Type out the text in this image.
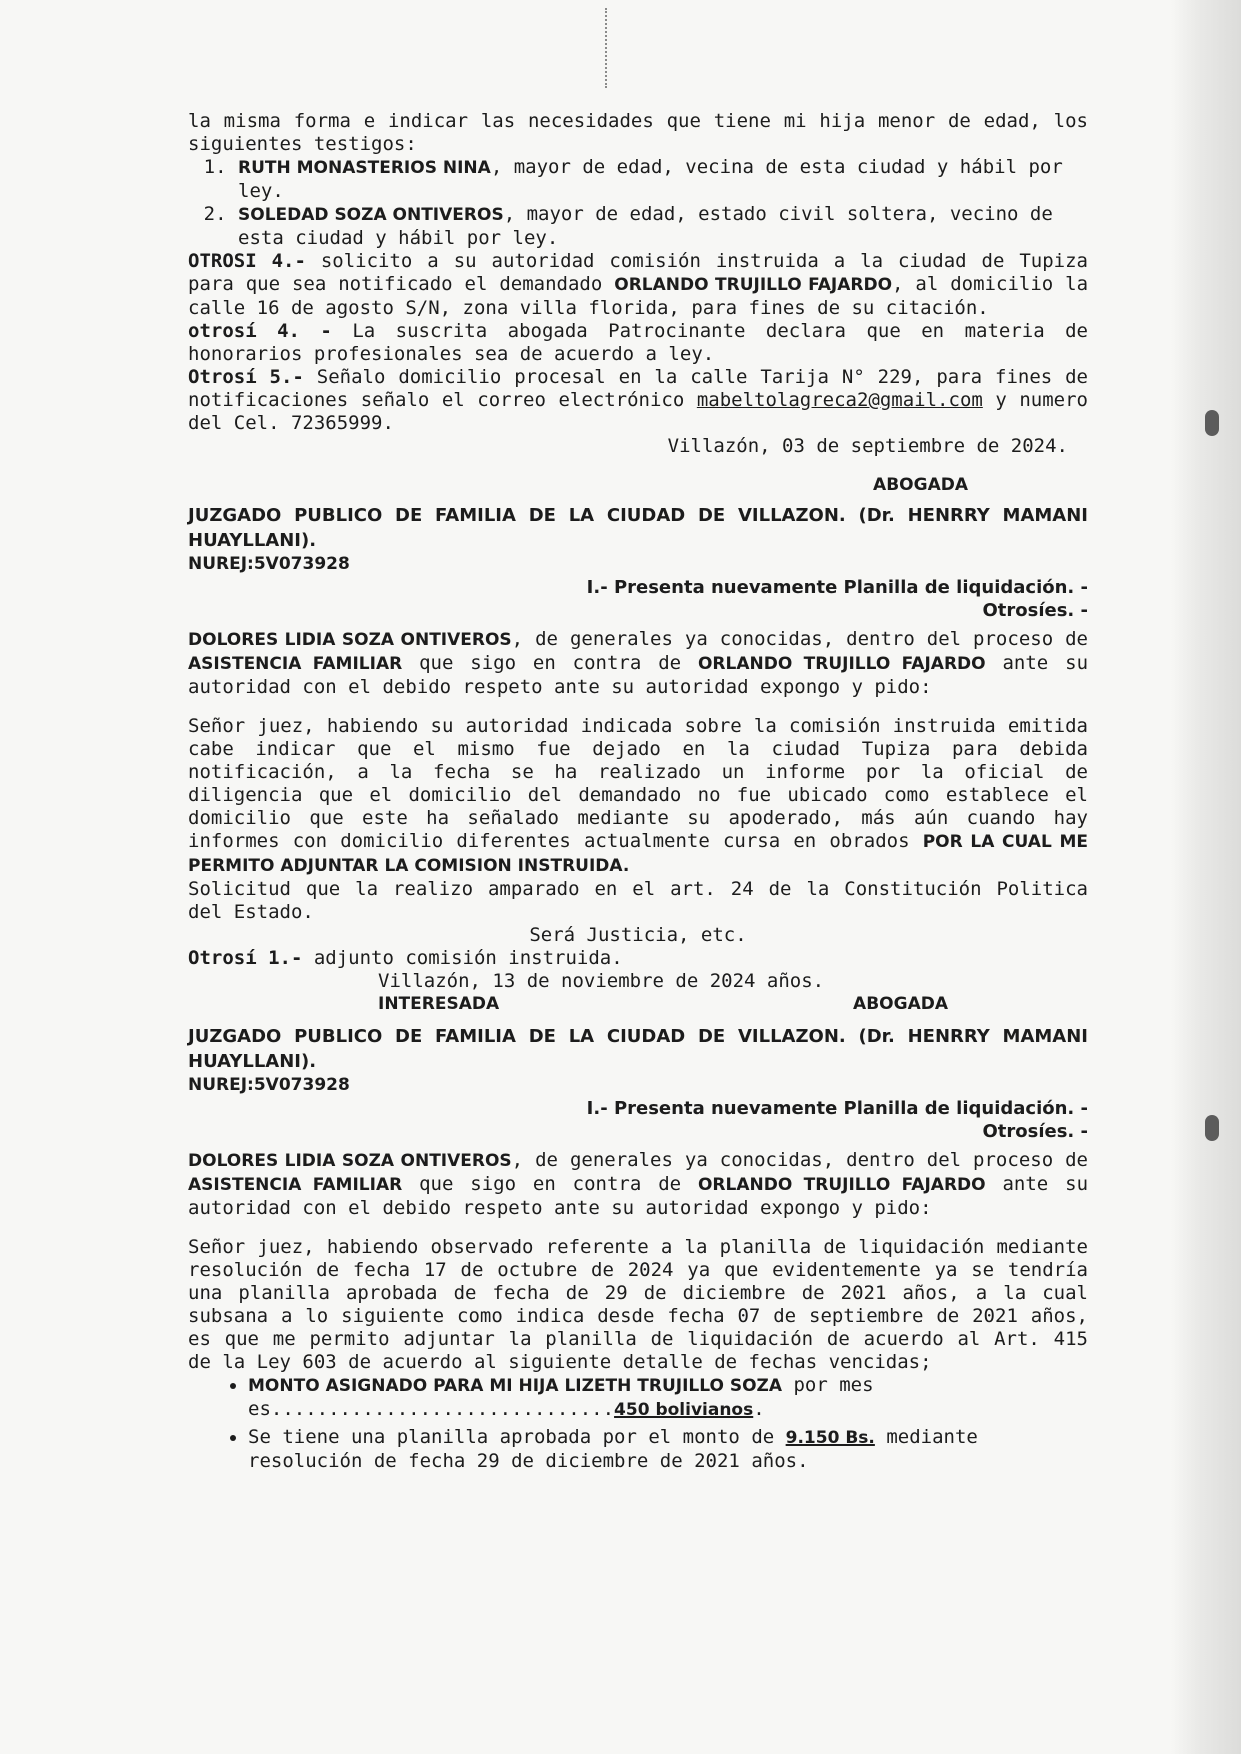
la misma forma e indicar las necesidades que tiene mi hija menor de edad, los siguientes testigos:

1. RUTH MONASTERIOS NINA, mayor de edad, vecina de esta ciudad y hábil por ley.
2. SOLEDAD SOZA ONTIVEROS, mayor de edad, estado civil soltera, vecino de esta ciudad y hábil por ley.

OTROSI 4.- solicito a su autoridad comisión instruida a la ciudad de Tupiza para que sea notificado el demandado ORLANDO TRUJILLO FAJARDO, al domicilio la calle 16 de agosto S/N, zona villa florida, para fines de su citación.

otrosí 4. - La suscrita abogada Patrocinante declara que en materia de honorarios profesionales sea de acuerdo a ley.

Otrosí 5.- Señalo domicilio procesal en la calle Tarija N° 229, para fines de notificaciones señalo el correo electrónico mabeltolagreca2@gmail.com y numero del Cel. 72365999.

Villazón, 03 de septiembre de 2024.

ABOGADA

JUZGADO PUBLICO DE FAMILIA DE LA CIUDAD DE VILLAZON. (Dr. HENRRY MAMANI HUAYLLANI).

NUREJ:5V073928

I.- Presenta nuevamente Planilla de liquidación. -

Otrosíes. -

DOLORES LIDIA SOZA ONTIVEROS, de generales ya conocidas, dentro del proceso de ASISTENCIA FAMILIAR que sigo en contra de ORLANDO TRUJILLO FAJARDO ante su autoridad con el debido respeto ante su autoridad expongo y pido:

Señor juez, habiendo su autoridad indicada sobre la comisión instruida emitida cabe indicar que el mismo fue dejado en la ciudad Tupiza para debida notificación, a la fecha se ha realizado un informe por la oficial de diligencia que el domicilio del demandado no fue ubicado como establece el domicilio que este ha señalado mediante su apoderado, más aún cuando hay informes con domicilio diferentes actualmente cursa en obrados POR LA CUAL ME PERMITO ADJUNTAR LA COMISION INSTRUIDA.

Solicitud que la realizo amparado en el art. 24 de la Constitución Politica del Estado.

Será Justicia, etc.

Otrosí 1.- adjunto comisión instruida.

Villazón, 13 de noviembre de 2024 años.

INTERESADA	ABOGADA

JUZGADO PUBLICO DE FAMILIA DE LA CIUDAD DE VILLAZON. (Dr. HENRRY MAMANI HUAYLLANI).

NUREJ:5V073928

I.- Presenta nuevamente Planilla de liquidación. -

Otrosíes. -

DOLORES LIDIA SOZA ONTIVEROS, de generales ya conocidas, dentro del proceso de ASISTENCIA FAMILIAR que sigo en contra de ORLANDO TRUJILLO FAJARDO ante su autoridad con el debido respeto ante su autoridad expongo y pido:

Señor juez, habiendo observado referente a la planilla de liquidación mediante resolución de fecha 17 de octubre de 2024 ya que evidentemente ya se tendría una planilla aprobada de fecha de 29 de diciembre de 2021 años, a la cual subsana a lo siguiente como indica desde fecha 07 de septiembre de 2021 años, es que me permito adjuntar la planilla de liquidación de acuerdo al Art. 415 de la Ley 603 de acuerdo al siguiente detalle de fechas vencidas;

• MONTO ASIGNADO PARA MI HIJA LIZETH TRUJILLO SOZA por mes es..............................450 bolivianos.
• Se tiene una planilla aprobada por el monto de 9.150 Bs. mediante resolución de fecha 29 de diciembre de 2021 años.
